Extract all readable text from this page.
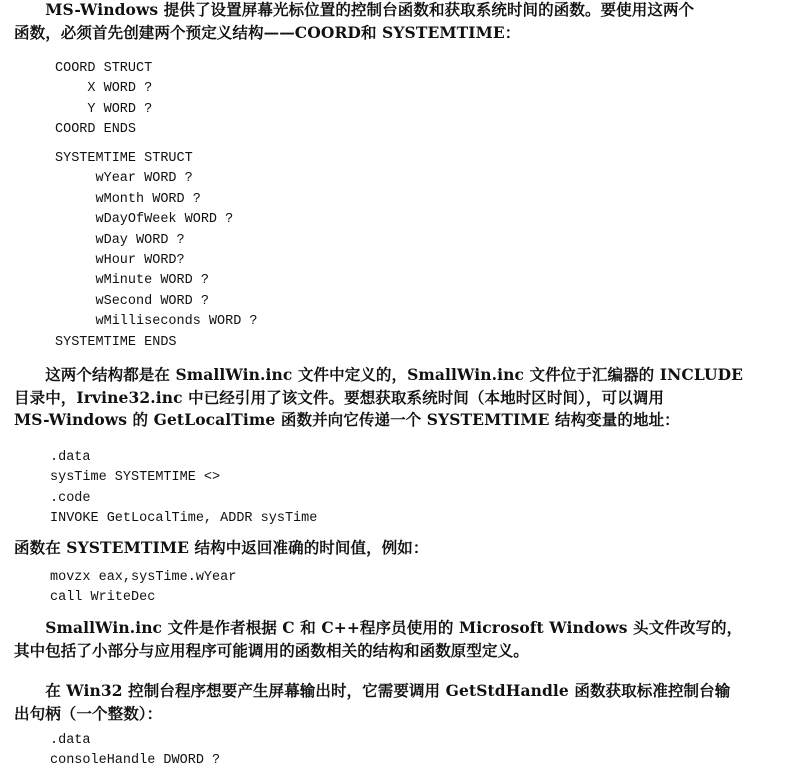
　　MS-Windows 提供了设置屏幕光标位置的控制台函数和获取系统时间的函数。要使用这两个
函数，必须首先创建两个预定义结构——COORD和 SYSTEMTIME：
COORD STRUCT
X WORD ?
Y WORD ?
COORD ENDS
SYSTEMTIME STRUCT
wYear WORD ?
wMonth WORD ?
wDayOfWeek WORD ?
wDay WORD ?
wHour WORD?
wMinute WORD ?
wSecond WORD ?
wMilliseconds WORD ?
SYSTEMTIME ENDS
　　这两个结构都是在 SmallWin.inc 文件中定义的，SmallWin.inc 文件位于汇编器的 INCLUDE
目录中，Irvine32.inc 中已经引用了该文件。要想获取系统时间（本地时区时间），可以调用
MS-Windows 的 GetLocalTime 函数并向它传递一个 SYSTEMTIME 结构变量的地址：
.data
sysTime SYSTEMTIME <>
.code
INVOKE GetLocalTime, ADDR sysTime
函数在 SYSTEMTIME 结构中返回准确的时间值，例如：
movzx eax,sysTime.wYear
call WriteDec
　　SmallWin.inc 文件是作者根据 C 和 C++程序员使用的 Microsoft Windows 头文件改写的，
其中包括了小部分与应用程序可能调用的函数相关的结构和函数原型定义。
　　在 Win32 控制台程序想要产生屏幕输出时，它需要调用 GetStdHandle 函数获取标准控制台输
出句柄（一个整数）：
.data
consoleHandle DWORD ?
